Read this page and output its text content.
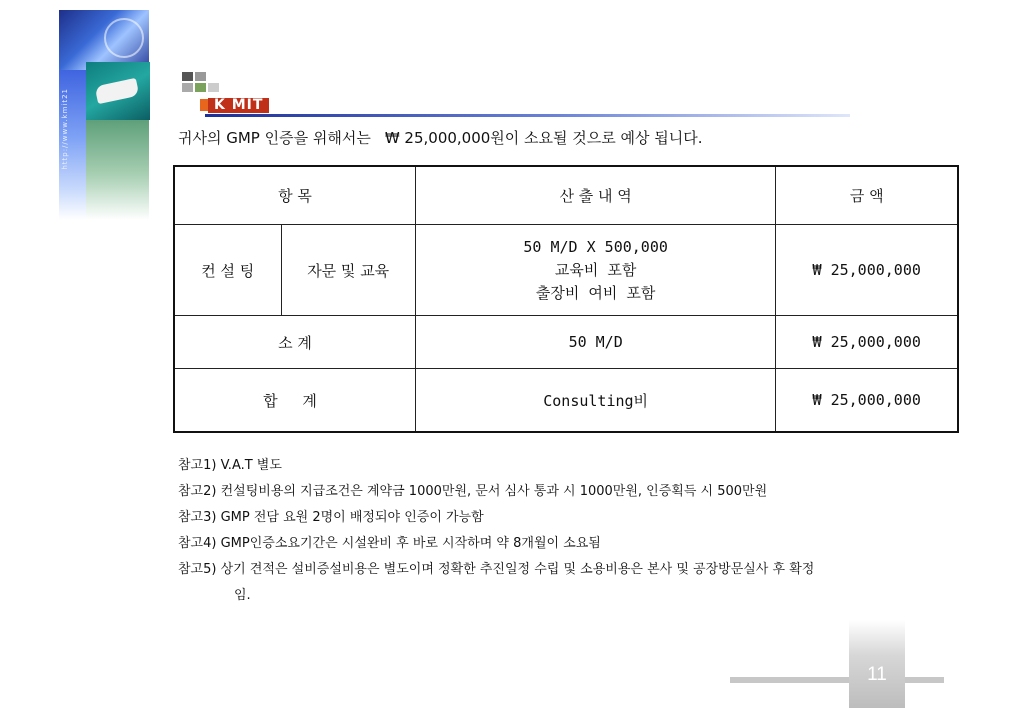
http://www.kmit21	K MIT
귀사의 GMP 인증을 위해서는 ₩ 25,000,000원이 소요될 것으로 예상 됩니다.
항 목		산 출 내 역	금 액
컨 설 팅	자문 및 교육	50 M/D X 500,000
교육비 포함
출장비 여비 포함	₩ 25,000,000
소 계		50 M/D	₩ 25,000,000
합 계		Consulting비	₩ 25,000,000
참고1) V.A.T 별도
참고2) 컨설팅비용의 지급조건은 계약금 1000만원, 문서 심사 통과 시 1000만원, 인증획득 시 500만원
참고3) GMP 전담 요원 2명이 배정되야 인증이 가능함
참고4) GMP인증소요기간은 시설완비 후 바로 시작하며 약 8개월이 소요됨
참고5) 상기 견적은 설비증설비용은 별도이며 정확한 추진일정 수립 및 소용비용은 본사 및 공장방문실사 후 확정
임.
11
